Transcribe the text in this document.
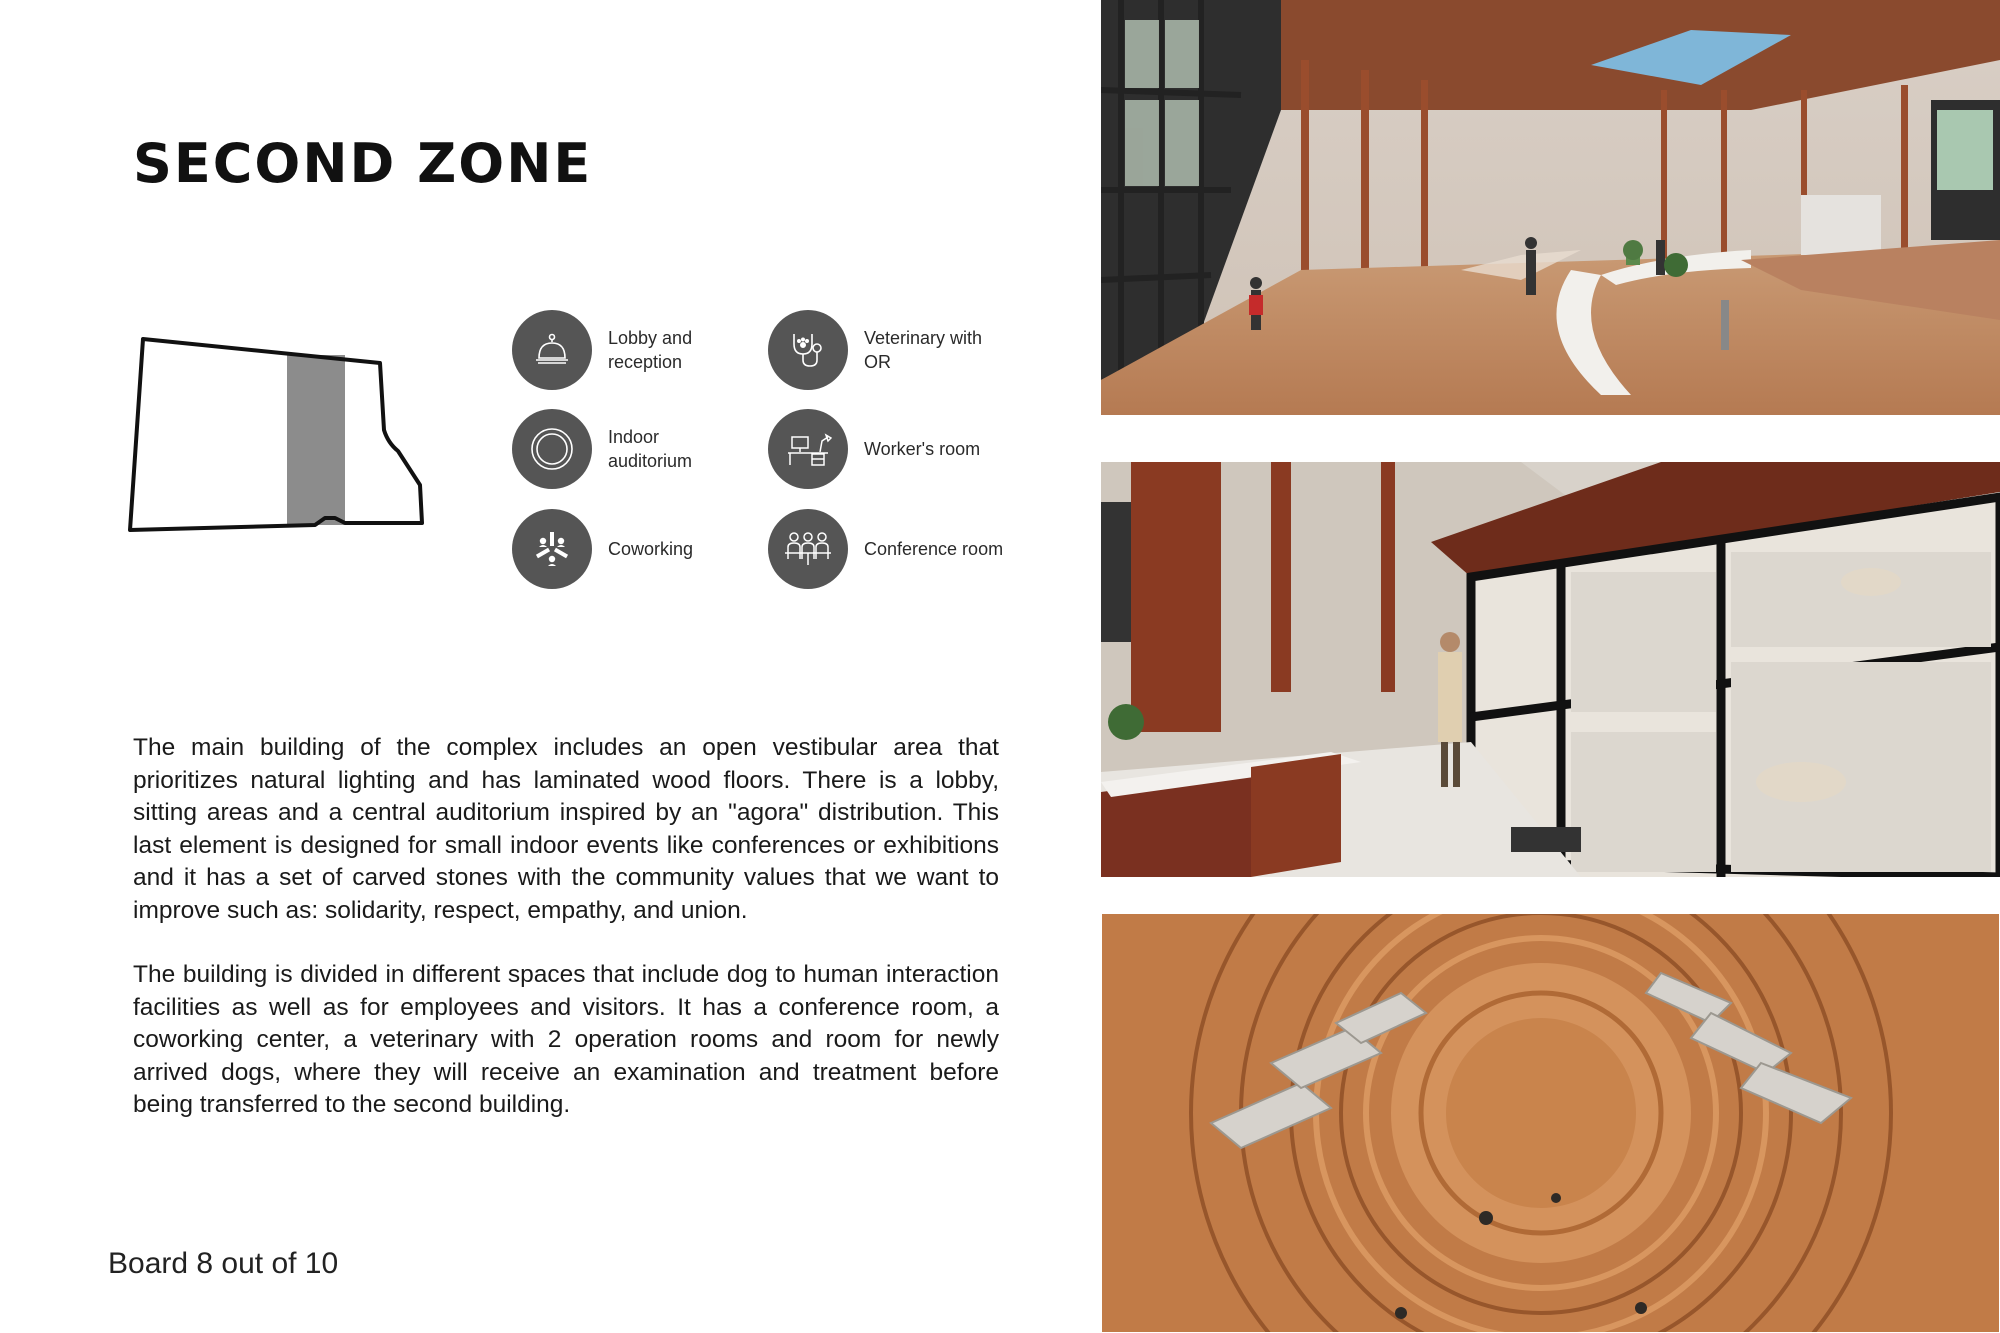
SECOND ZONE
Lobby and reception
Veterinary with OR
Indoor auditorium
Worker's room
Coworking	Conference room

The main building of the complex includes an open vestibular area that prioritizes natural lighting and has laminated wood floors. There is a lobby, sitting areas and a central auditorium inspired by an "agora" distribution. This last element is designed for small indoor events like conferences or exhibitions and it has a set of carved stones with the community values that we want to improve such as: solidarity, respect, empathy, and union.

The building is divided in different spaces that include dog to human interaction facilities as well as for employees and visitors. It has a conference room, a coworking center, a veterinary with 2 operation rooms and room for newly arrived dogs, where they will receive an examination and treatment before being transferred to the second building.

Board 8 out of 10
